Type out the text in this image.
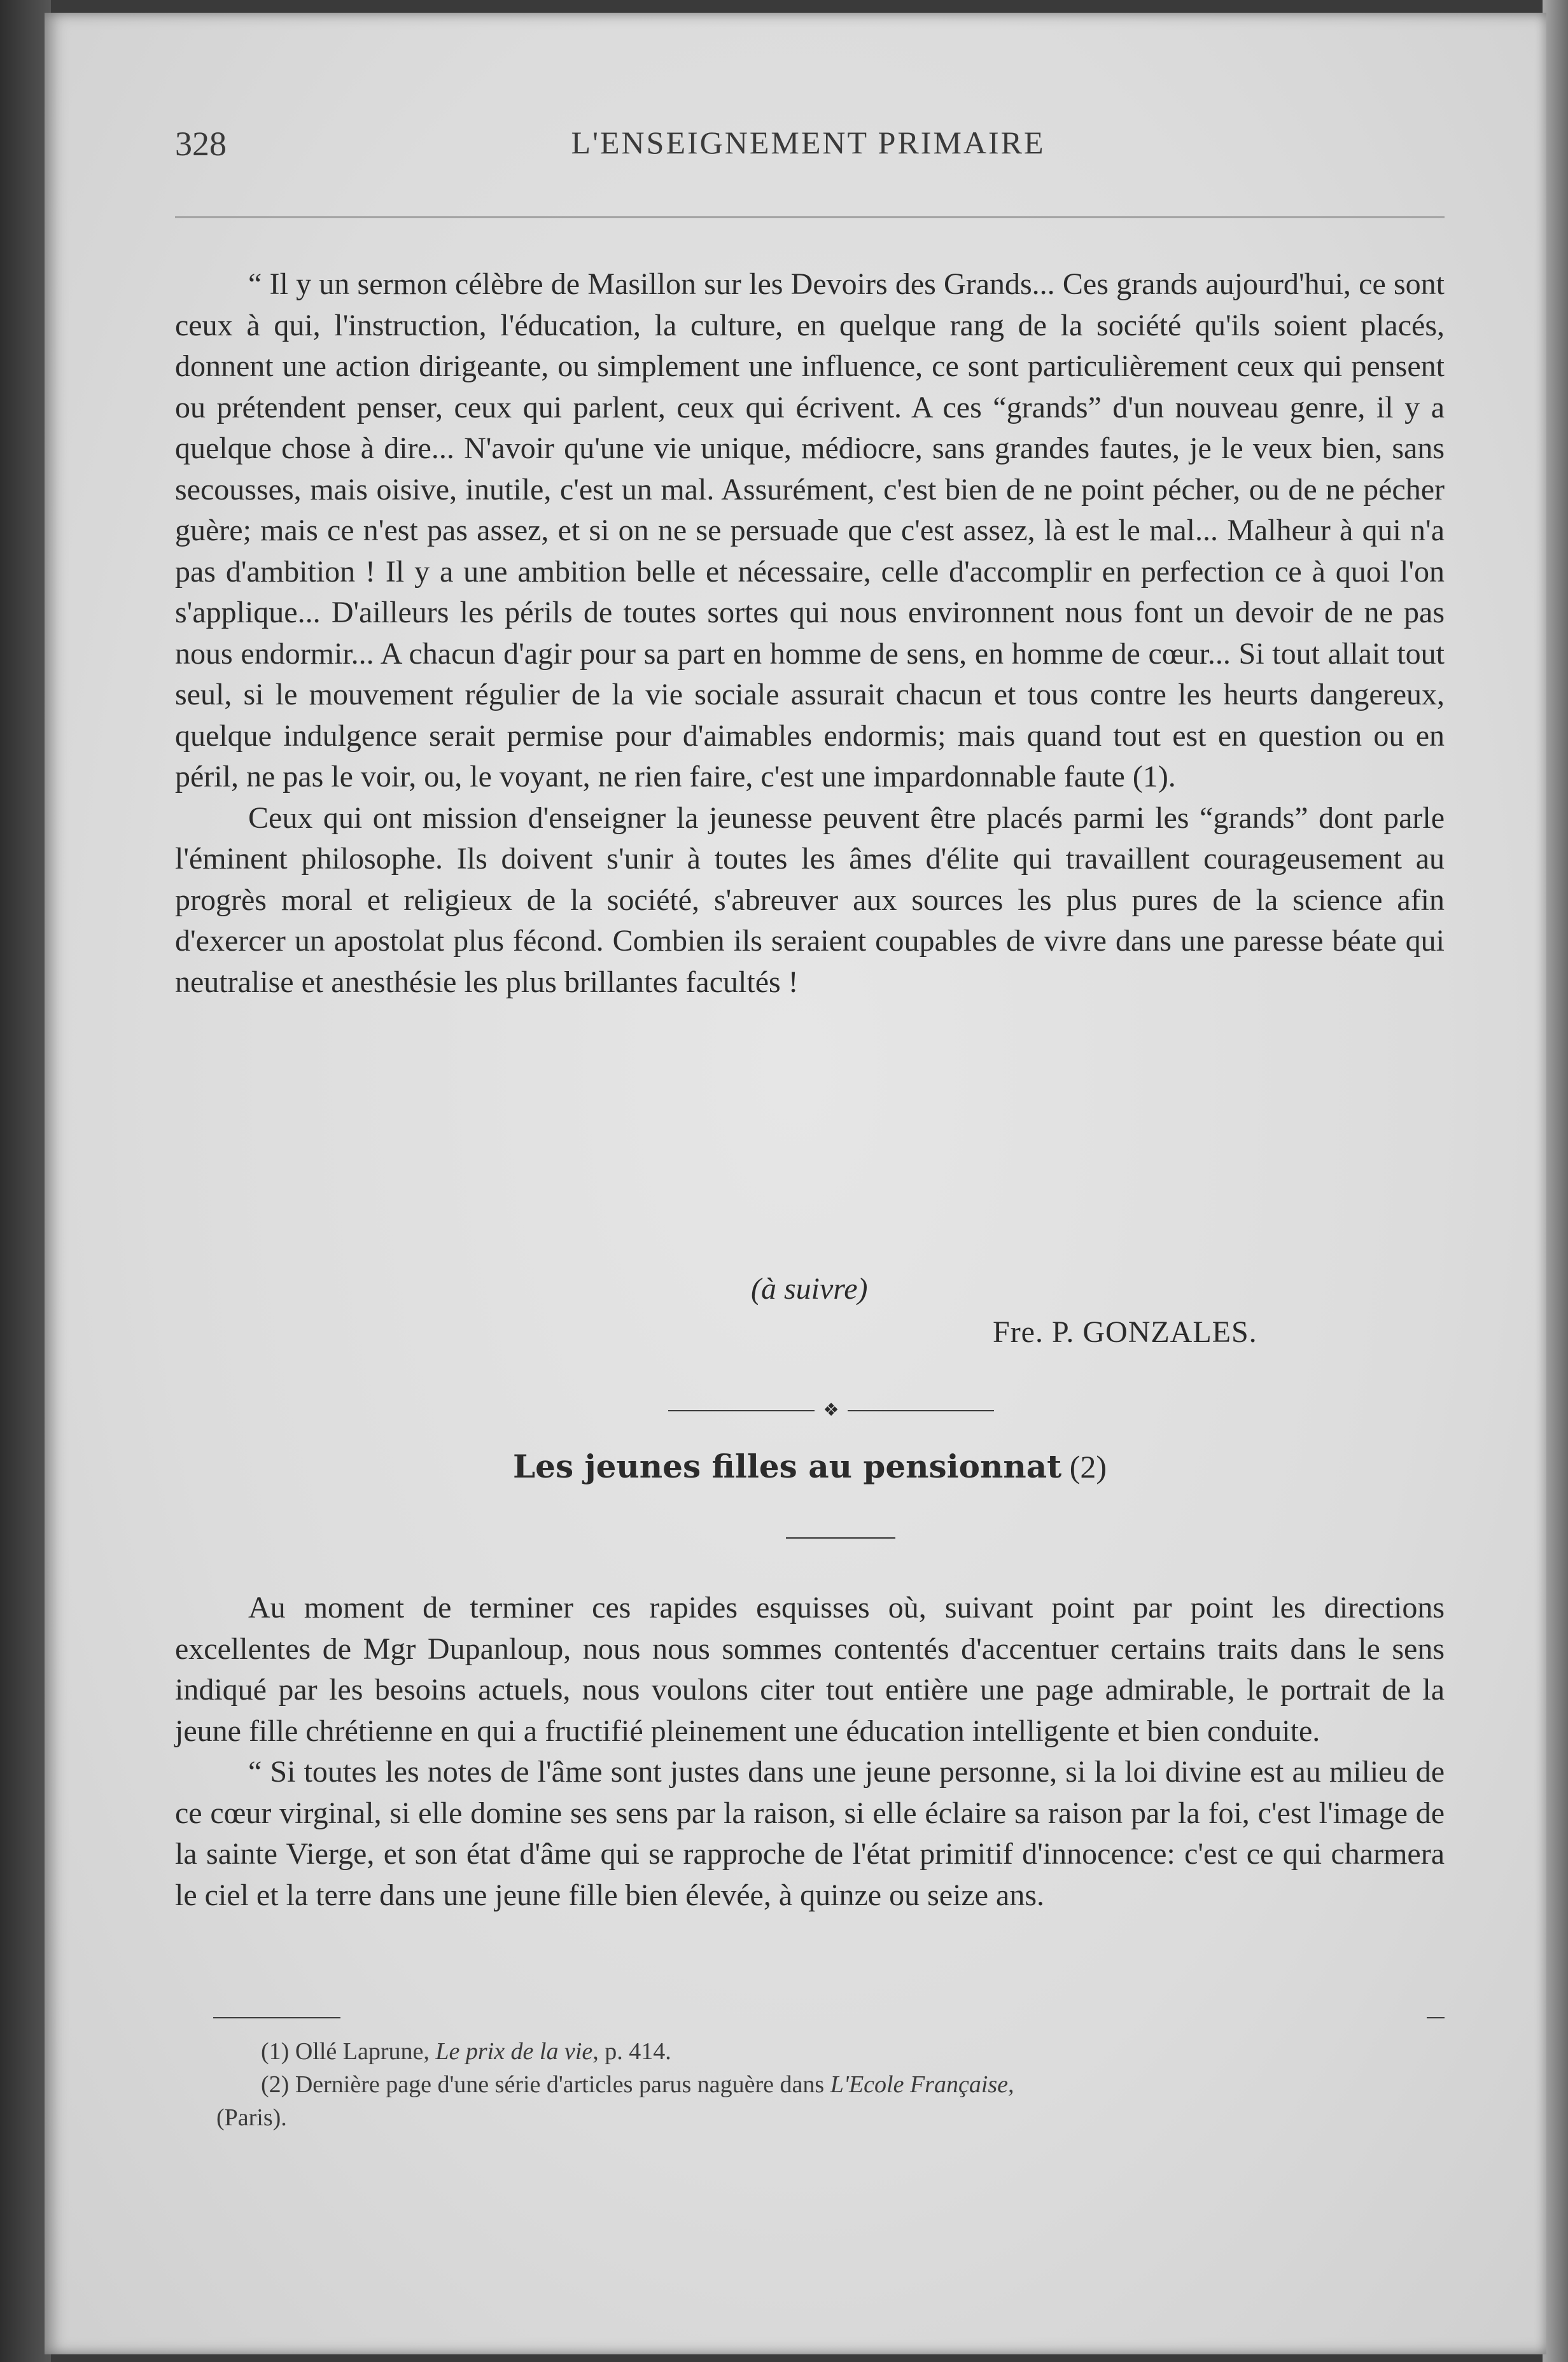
328	L'ENSEIGNEMENT PRIMAIRE

“ Il y un sermon célèbre de Masillon sur les Devoirs des Grands... Ces grands aujourd'hui, ce sont ceux à qui, l'instruction, l'éducation, la culture, en quelque rang de la société qu'ils soient placés, donnent une action dirigeante, ou simplement une influence, ce sont particulièrement ceux qui pensent ou prétendent penser, ceux qui parlent, ceux qui écrivent. A ces “grands” d'un nouveau genre, il y a quelque chose à dire... N'avoir qu'une vie unique, médiocre, sans grandes fautes, je le veux bien, sans secousses, mais oisive, inutile, c'est un mal. Assurément, c'est bien de ne point pécher, ou de ne pécher guère; mais ce n'est pas assez, et si on ne se persuade que c'est assez, là est le mal... Malheur à qui n'a pas d'ambition ! Il y a une ambition belle et nécessaire, celle d'accomplir en perfection ce à quoi l'on s'applique... D'ailleurs les périls de toutes sortes qui nous environnent nous font un devoir de ne pas nous endormir... A chacun d'agir pour sa part en homme de sens, en homme de cœur... Si tout allait tout seul, si le mouvement régulier de la vie sociale assurait chacun et tous contre les heurts dangereux, quelque indulgence serait permise pour d'aimables endormis; mais quand tout est en question ou en péril, ne pas le voir, ou, le voyant, ne rien faire, c'est une impardonnable faute (1).

Ceux qui ont mission d'enseigner la jeunesse peuvent être placés parmi les “grands” dont parle l'éminent philosophe. Ils doivent s'unir à toutes les âmes d'élite qui travaillent courageusement au progrès moral et religieux de la société, s'abreuver aux sources les plus pures de la science afin d'exercer un apostolat plus fécond. Combien ils seraient coupables de vivre dans une paresse béate qui neutralise et anesthésie les plus brillantes facultés !

(à suivre)
Fre. P. GONZALES.
❖
Les jeunes filles au pensionnat (2)

Au moment de terminer ces rapides esquisses où, suivant point par point les directions excellentes de Mgr Dupanloup, nous nous sommes contentés d'accentuer certains traits dans le sens indiqué par les besoins actuels, nous voulons citer tout entière une page admirable, le portrait de la jeune fille chrétienne en qui a fructifié pleinement une éducation intelligente et bien conduite.

“ Si toutes les notes de l'âme sont justes dans une jeune personne, si la loi divine est au milieu de ce cœur virginal, si elle domine ses sens par la raison, si elle éclaire sa raison par la foi, c'est l'image de la sainte Vierge, et son état d'âme qui se rapproche de l'état primitif d'innocence: c'est ce qui charmera le ciel et la terre dans une jeune fille bien élevée, à quinze ou seize ans.

(1) Ollé Laprune, Le prix de la vie, p. 414.

(2) Dernière page d'une série d'articles parus naguère dans L'Ecole Française,

(Paris).
